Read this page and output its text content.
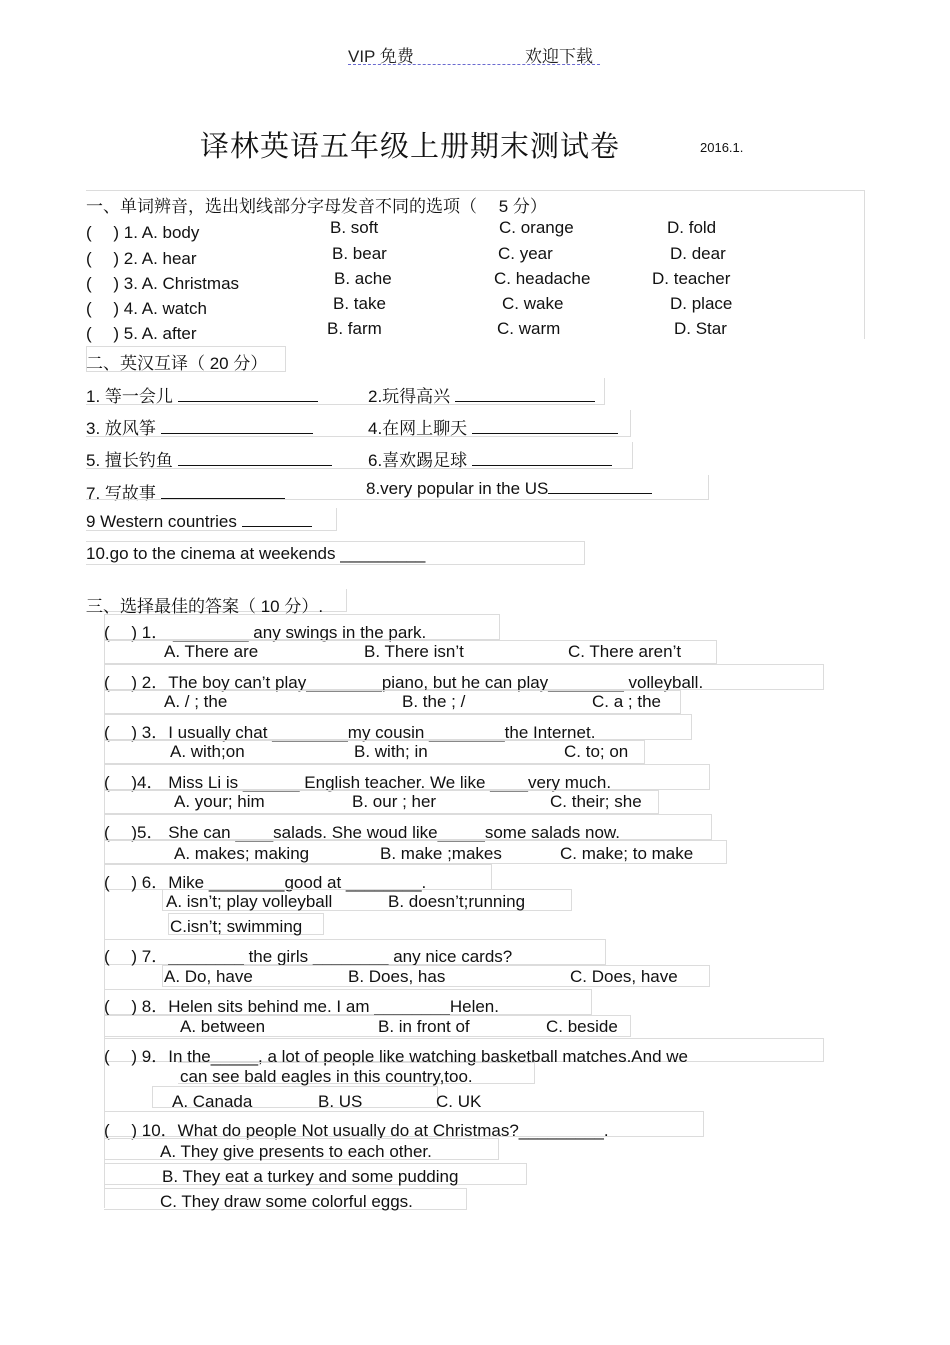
VIP 免费	欢迎下载
译林英语五年级上册期末测试卷	2016.1.
一、单词辨音，选出划线部分字母发音不同的选项（　 5 分）
(　 ) 1. A. body	B. soft	C. orange	D. fold
(　 ) 2. A. hear	B. bear	C. year	D. dear
(　 ) 3. A. Christmas	B. ache	C. headache	D. teacher
(　 ) 4. A. watch	B. take	C. wake	D. place
(　 ) 5. A. after	B. farm	C. warm	D. Star
二、英汉互译（ 20 分）
1. 等一会儿	2.玩得高兴
3. 放风筝	4.在网上聊天
5. 擅长钓鱼	6.喜欢踢足球
7. 写故事	8.very popular in the US
9 Western countries
10.go to the cinema at weekends _________
三、选择最佳的答案（ 10 分）.
(　 ) 1． ________ any swings in the park.
A. There are	B. There isn’t	C. There aren’t
(　 ) 2．The boy can’t play________piano, but he can play________ volleyball.
A. / ; the	B. the ; /	C. a ; the
(　 ) 3．I usually chat ________my cousin ________the Internet.
A. with;on	B. with; in	C. to; on
(　 )4． Miss Li is ______ English teacher. We like ____very much.
A. your; him	B. our ; her	C. their; she
(　 )5． She can ____salads. She woud like_____some salads now.
A. makes; making	B. make ;makes	C. make; to make
(　 ) 6．Mike ________good at ________.
A. isn’t; play volleyball	B. doesn’t;running
C.isn’t; swimming
(　 ) 7．________ the girls ________ any nice cards?
A. Do, have	B. Does, has	C. Does, have
(　 ) 8．Helen sits behind me. I am ________Helen.
A. between	B. in front of	C. beside
(　 ) 9．In the_____, a lot of people like watching basketball matches.And we
can see bald eagles in this country,too.
A. Canada	B. US	C. UK
(　 ) 10．What do people Not usually do at Christmas?_________.
A. They give presents to each other.
B. They eat a turkey and some pudding
C. They draw some colorful eggs.
